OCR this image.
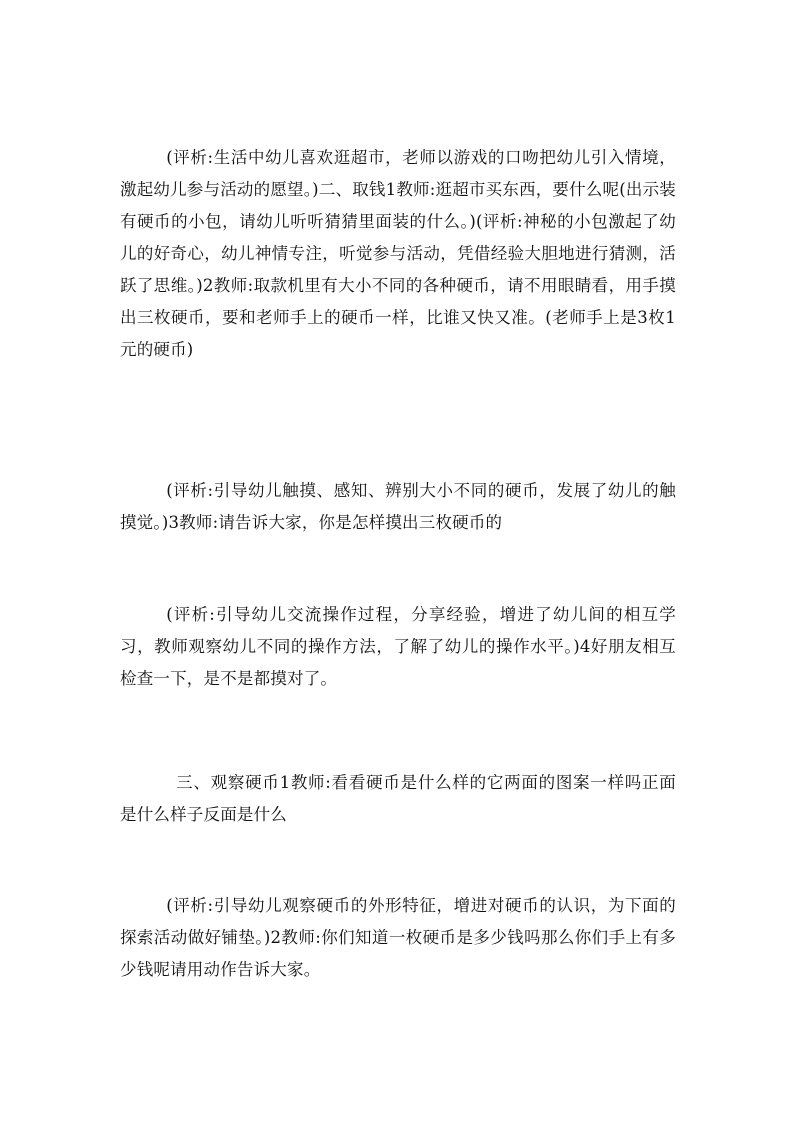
(评析:生活中幼儿喜欢逛超市，老师以游戏的口吻把幼儿引入情境，激起幼儿参与活动的愿望。)二、取钱1教师:逛超市买东西，要什么呢(出示装有硬币的小包，请幼儿听听猜猜里面装的什么。)(评析:神秘的小包激起了幼儿的好奇心，幼儿神情专注，听觉参与活动，凭借经验大胆地进行猜测，活跃了思维。)2教师:取款机里有大小不同的各种硬币，请不用眼睛看，用手摸出三枚硬币，要和老师手上的硬币一样，比谁又快又准。(老师手上是3枚1元的硬币)

(评析:引导幼儿触摸、感知、辨别大小不同的硬币，发展了幼儿的触摸觉。)3教师:请告诉大家，你是怎样摸出三枚硬币的

(评析:引导幼儿交流操作过程，分享经验，增进了幼儿间的相互学习，教师观察幼儿不同的操作方法，了解了幼儿的操作水平。)4好朋友相互检查一下，是不是都摸对了。

三、观察硬币1教师:看看硬币是什么样的它两面的图案一样吗正面是什么样子反面是什么

(评析:引导幼儿观察硬币的外形特征，增进对硬币的认识，为下面的探索活动做好铺垫。)2教师:你们知道一枚硬币是多少钱吗那么你们手上有多少钱呢请用动作告诉大家。
